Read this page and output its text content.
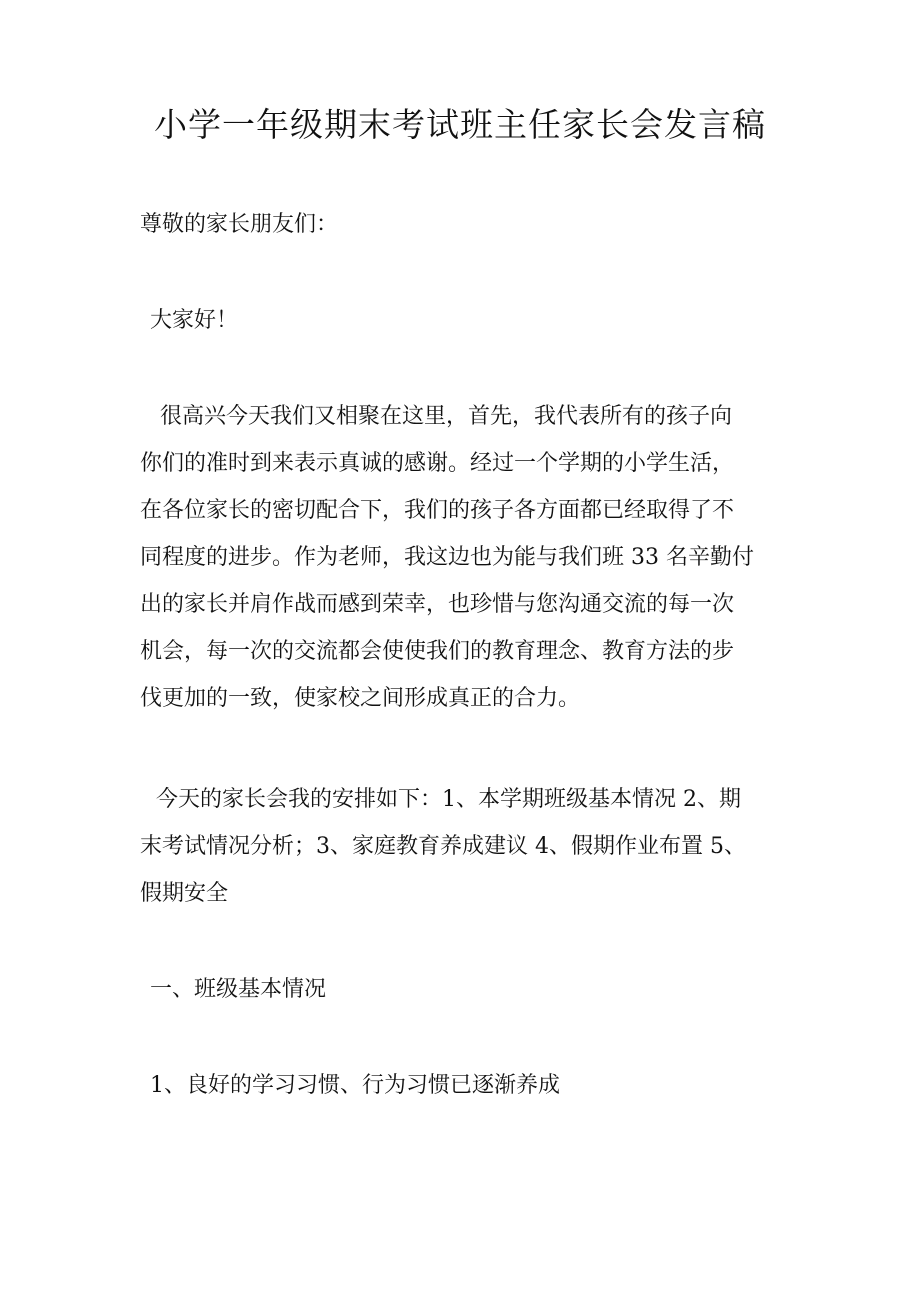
小学一年级期末考试班主任家长会发言稿
尊敬的家长朋友们：
大家好！
很高兴今天我们又相聚在这里，首先，我代表所有的孩子向
你们的准时到来表示真诚的感谢。经过一个学期的小学生活，
在各位家长的密切配合下，我们的孩子各方面都已经取得了不
同程度的进步。作为老师，我这边也为能与我们班 33 名辛勤付
出的家长并肩作战而感到荣幸，也珍惜与您沟通交流的每一次
机会，每一次的交流都会使使我们的教育理念、教育方法的步
伐更加的一致，使家校之间形成真正的合力。
今天的家长会我的安排如下：1、本学期班级基本情况 2、期
末考试情况分析；3、家庭教育养成建议 4、假期作业布置 5、
假期安全
一、班级基本情况
1、良好的学习习惯、行为习惯已逐渐养成
